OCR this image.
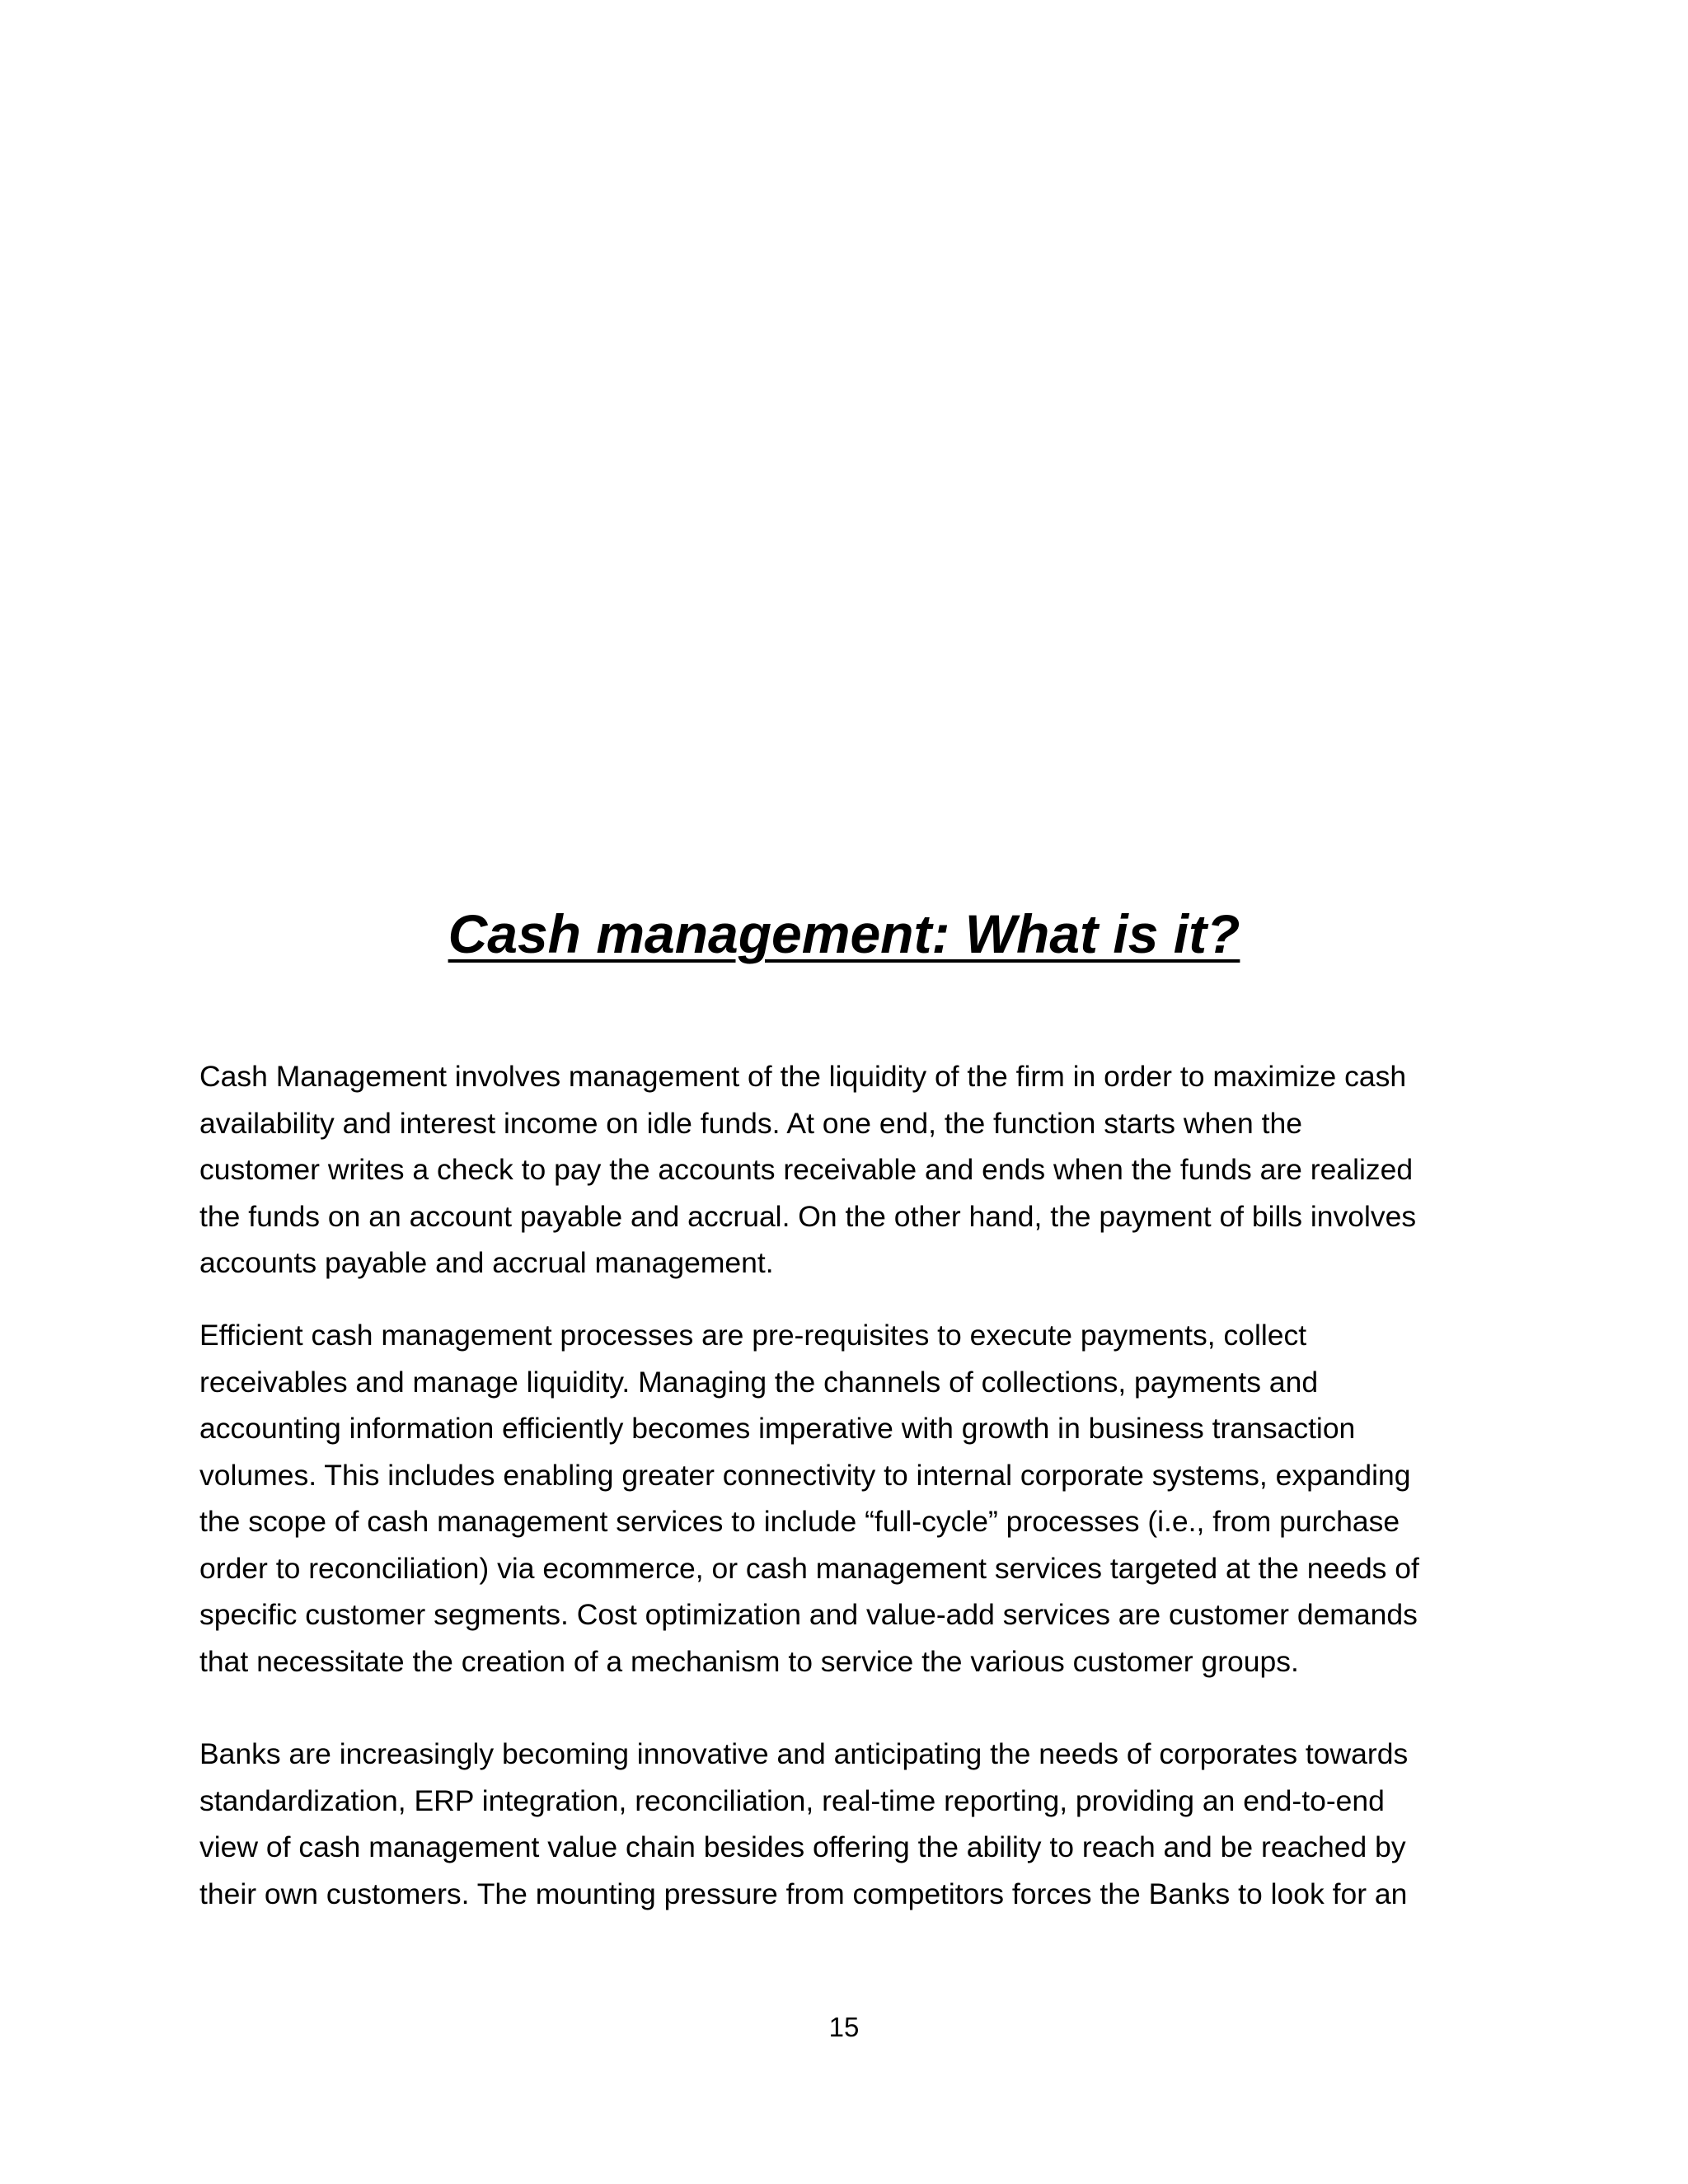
Cash management: What is it?

Cash Management involves management of the liquidity of the firm in order to maximize cash
availability and interest income on idle funds. At one end, the function starts when the
customer writes a check to pay the accounts receivable and ends when the funds are realized
the funds on an account payable and accrual. On the other hand, the payment of bills involves
accounts payable and accrual management.

Efficient cash management processes are pre-requisites to execute payments, collect
receivables and manage liquidity. Managing the channels of collections, payments and
accounting information efficiently becomes imperative with growth in business transaction
volumes. This includes enabling greater connectivity to internal corporate systems, expanding
the scope of cash management services to include “full-cycle” processes (i.e., from purchase
order to reconciliation) via ecommerce, or cash management services targeted at the needs of
specific customer segments. Cost optimization and value-add services are customer demands
that necessitate the creation of a mechanism to service the various customer groups.

Banks are increasingly becoming innovative and anticipating the needs of corporates towards
standardization, ERP integration, reconciliation, real-time reporting, providing an end-to-end
view of cash management value chain besides offering the ability to reach and be reached by
their own customers. The mounting pressure from competitors forces the Banks to look for an

15
